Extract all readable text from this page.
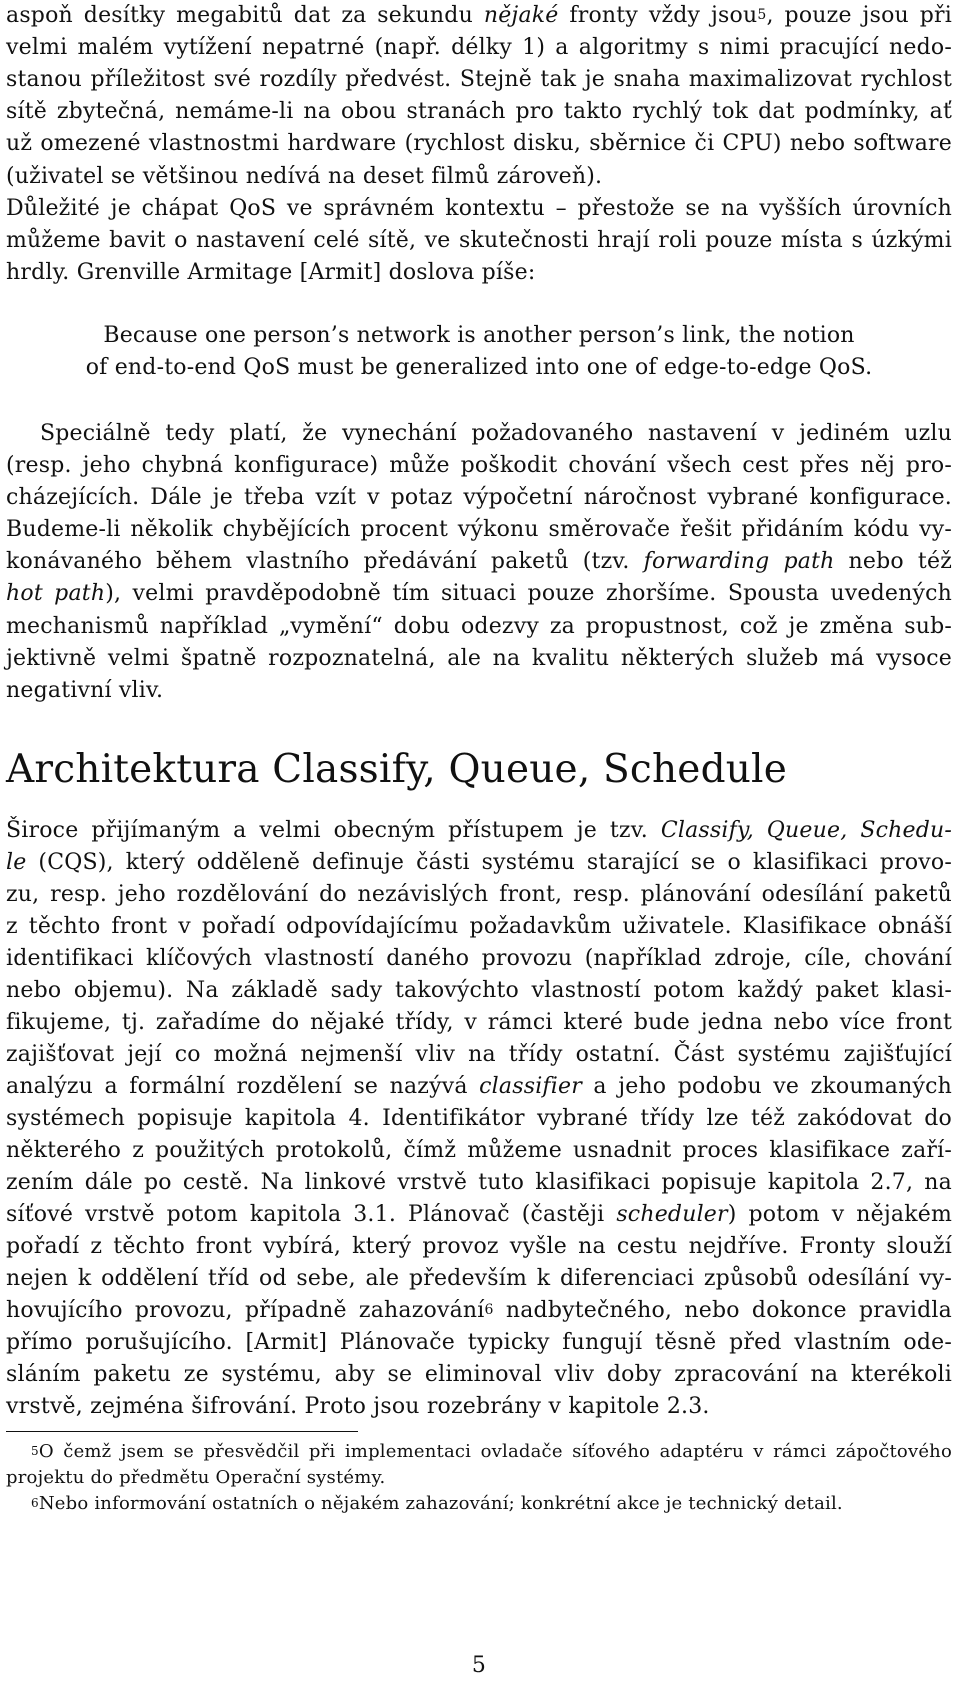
aspoň desítky megabitů dat za sekundu nějaké fronty vždy jsou$^5$, pouze jsou při
velmi malém vytížení nepatrné (např. délky 1) a algoritmy s nimi pracující nedo-
stanou příležitost své rozdíly předvést. Stejně tak je snaha maximalizovat rychlost
sítě zbytečná, nemáme-li na obou stranách pro takto rychlý tok dat podmínky, ať
už omezené vlastnostmi hardware (rychlost disku, sběrnice či CPU) nebo software
(uživatel se většinou nedívá na deset filmů zároveň).
Důležité je chápat QoS ve správném kontextu – přestože se na vyšších úrovních
můžeme bavit o nastavení celé sítě, ve skutečnosti hrají roli pouze místa s úzkými
hrdly. Grenville Armitage [Armit] doslova píše:
Because one person’s network is another person’s link, the notion
of end-to-end QoS must be generalized into one of edge-to-edge QoS.
Speciálně tedy platí, že vynechání požadovaného nastavení v jediném uzlu
(resp. jeho chybná konfigurace) může poškodit chování všech cest přes něj pro-
cházejících. Dále je třeba vzít v potaz výpočetní náročnost vybrané konfigurace.
Budeme-li několik chybějících procent výkonu směrovače řešit přidáním kódu vy-
konávaného během vlastního předávání paketů (tzv. forwarding path nebo též
hot path), velmi pravděpodobně tím situaci pouze zhoršíme. Spousta uvedených
mechanismů například „vymění“ dobu odezvy za propustnost, což je změna sub-
jektivně velmi špatně rozpoznatelná, ale na kvalitu některých služeb má vysoce
negativní vliv.
Architektura Classify, Queue, Schedule
Široce přijímaným a velmi obecným přístupem je tzv. Classify, Queue, Schedu-
le (CQS), který odděleně definuje části systému starající se o klasifikaci provo-
zu, resp. jeho rozdělování do nezávislých front, resp. plánování odesílání paketů
z těchto front v pořadí odpovídajícímu požadavkům uživatele. Klasifikace obnáší
identifikaci klíčových vlastností daného provozu (například zdroje, cíle, chování
nebo objemu). Na základě sady takovýchto vlastností potom každý paket klasi-
fikujeme, tj. zařadíme do nějaké třídy, v rámci které bude jedna nebo více front
zajišťovat její co možná nejmenší vliv na třídy ostatní. Část systému zajišťující
analýzu a formální rozdělení se nazývá classifier a jeho podobu ve zkoumaných
systémech popisuje kapitola 4. Identifikátor vybrané třídy lze též zakódovat do
některého z použitých protokolů, čímž můžeme usnadnit proces klasifikace zaří-
zením dále po cestě. Na linkové vrstvě tuto klasifikaci popisuje kapitola 2.7, na
síťové vrstvě potom kapitola 3.1. Plánovač (častěji scheduler) potom v nějakém
pořadí z těchto front vybírá, který provoz vyšle na cestu nejdříve. Fronty slouží
nejen k oddělení tříd od sebe, ale především k diferenciaci způsobů odesílání vy-
hovujícího provozu, případně zahazování$^6$ nadbytečného, nebo dokonce pravidla
přímo porušujícího. [Armit] Plánovače typicky fungují těsně před vlastním ode-
sláním paketu ze systému, aby se eliminoval vliv doby zpracování na kterékoli
vrstvě, zejména šifrování. Proto jsou rozebrány v kapitole 2.3.
$^5$O čemž jsem se přesvědčil při implementaci ovladače síťového adaptéru v rámci zápočtového
projektu do předmětu Operační systémy.
$^6$Nebo informování ostatních o nějakém zahazování; konkrétní akce je technický detail.
5
